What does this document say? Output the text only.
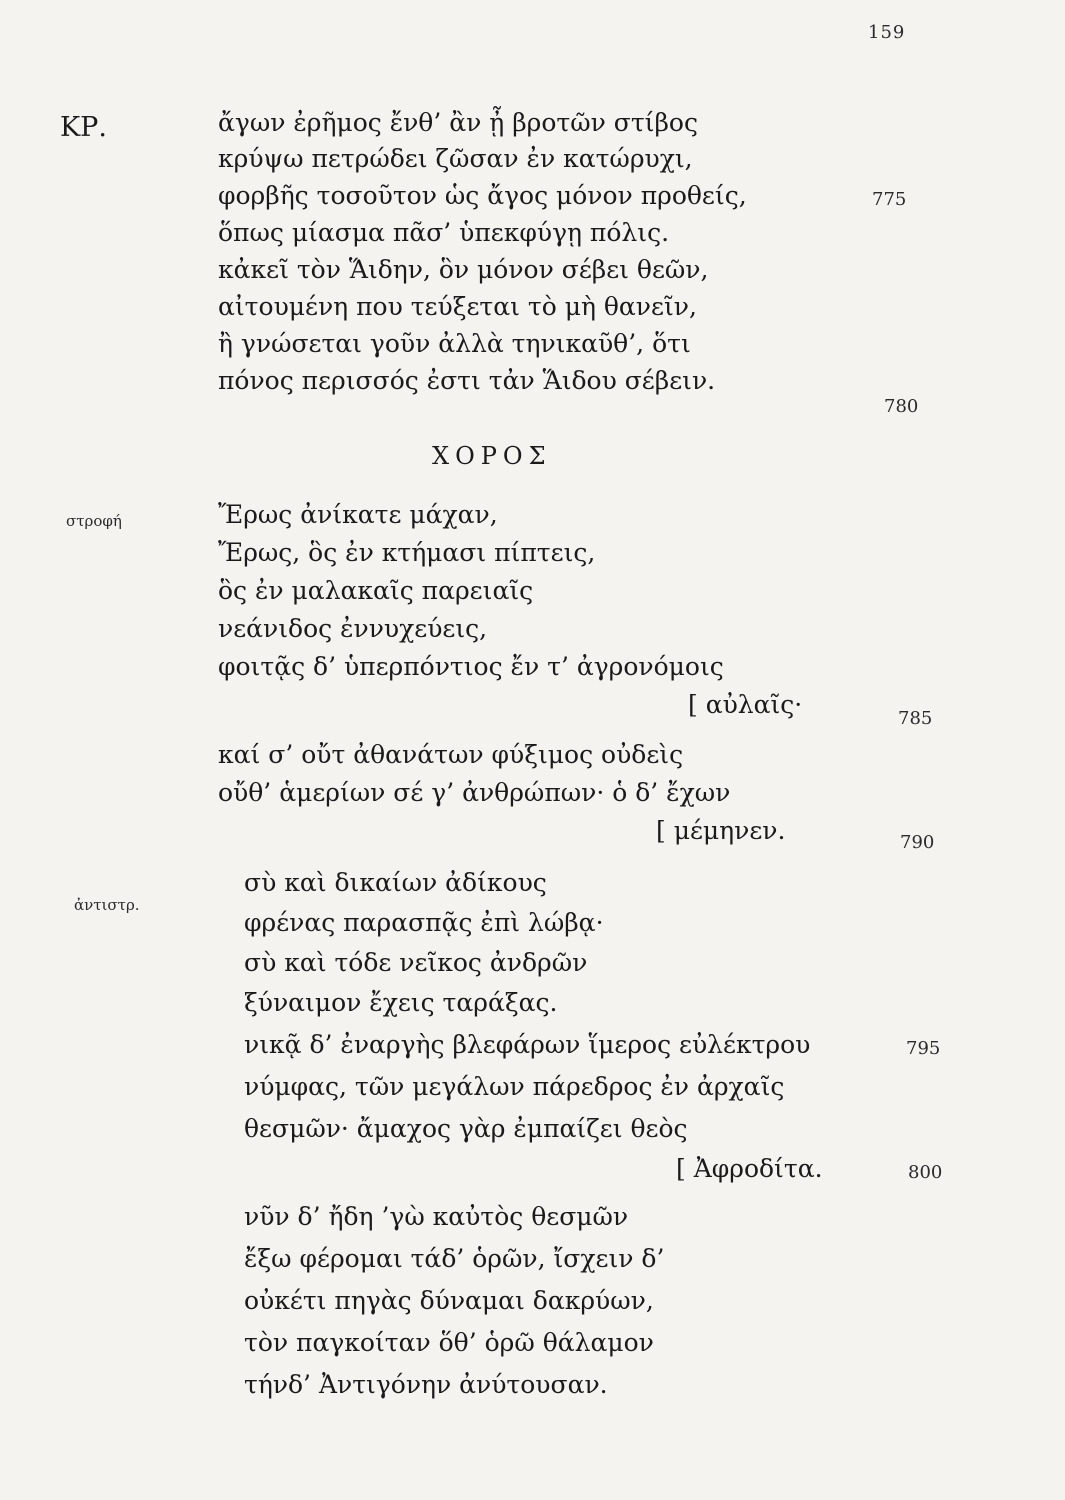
159
ΚΡ.	ἄγων ἐρῆμος ἔνθ’ ἂν ᾖ βροτῶν στίβος
κρύψω πετρώδει ζῶσαν ἐν κατώρυχι,
φορβῆς τοσοῦτον ὡς ἄγος μόνον προθείς,
ὅπως μίασμα πᾶσ’ ὑπεκφύγῃ πόλις.
κἀκεῖ τὸν Ἅιδην, ὃν μόνον σέβει θεῶν,
αἰτουμένη που τεύξεται τὸ μὴ θανεῖν,
ἢ γνώσεται γοῦν ἀλλὰ τηνικαῦθ’, ὅτι
πόνος περισσός ἐστι τἀν Ἅιδου σέβειν.
ΧΟΡΟΣ
στροφή	Ἔρως ἀνίκατε μάχαν,
Ἔρως, ὃς ἐν κτήμασι πίπτεις,
ὃς ἐν μαλακαῖς παρειαῖς
νεάνιδος ἐννυχεύεις,
φοιτᾷς δ’ ὑπερπόντιος ἔν τ’ ἀγρονόμοις
[ αὐλαῖς·
καί σ’ οὔτ ἀθανάτων φύξιμος οὐδεὶς
οὔθ’ ἁμερίων σέ γ’ ἀνθρώπων· ὁ δ’ ἔχων
[ μέμηνεν.
ἀντιστρ.
σὺ καὶ δικαίων ἀδίκους
φρένας παρασπᾷς ἐπὶ λώβᾳ·
σὺ καὶ τόδε νεῖκος ἀνδρῶν
ξύναιμον ἔχεις ταράξας.
νικᾷ δ’ ἐναργὴς βλεφάρων ἵμερος εὐλέκτρου
νύμφας, τῶν μεγάλων πάρεδρος ἐν ἀρχαῖς
θεσμῶν· ἄμαχος γὰρ ἐμπαίζει θεὸς
[ Ἀφροδίτα.
νῦν δ’ ἤδη ’γὼ καὐτὸς θεσμῶν
ἔξω φέρομαι τάδ’ ὁρῶν, ἴσχειν δ’
οὐκέτι πηγὰς δύναμαι δακρύων,
τὸν παγκοίταν ὅθ’ ὁρῶ θάλαμον
τήνδ’ Ἀντιγόνην ἀνύτουσαν.
775
780
785
790
795
800
